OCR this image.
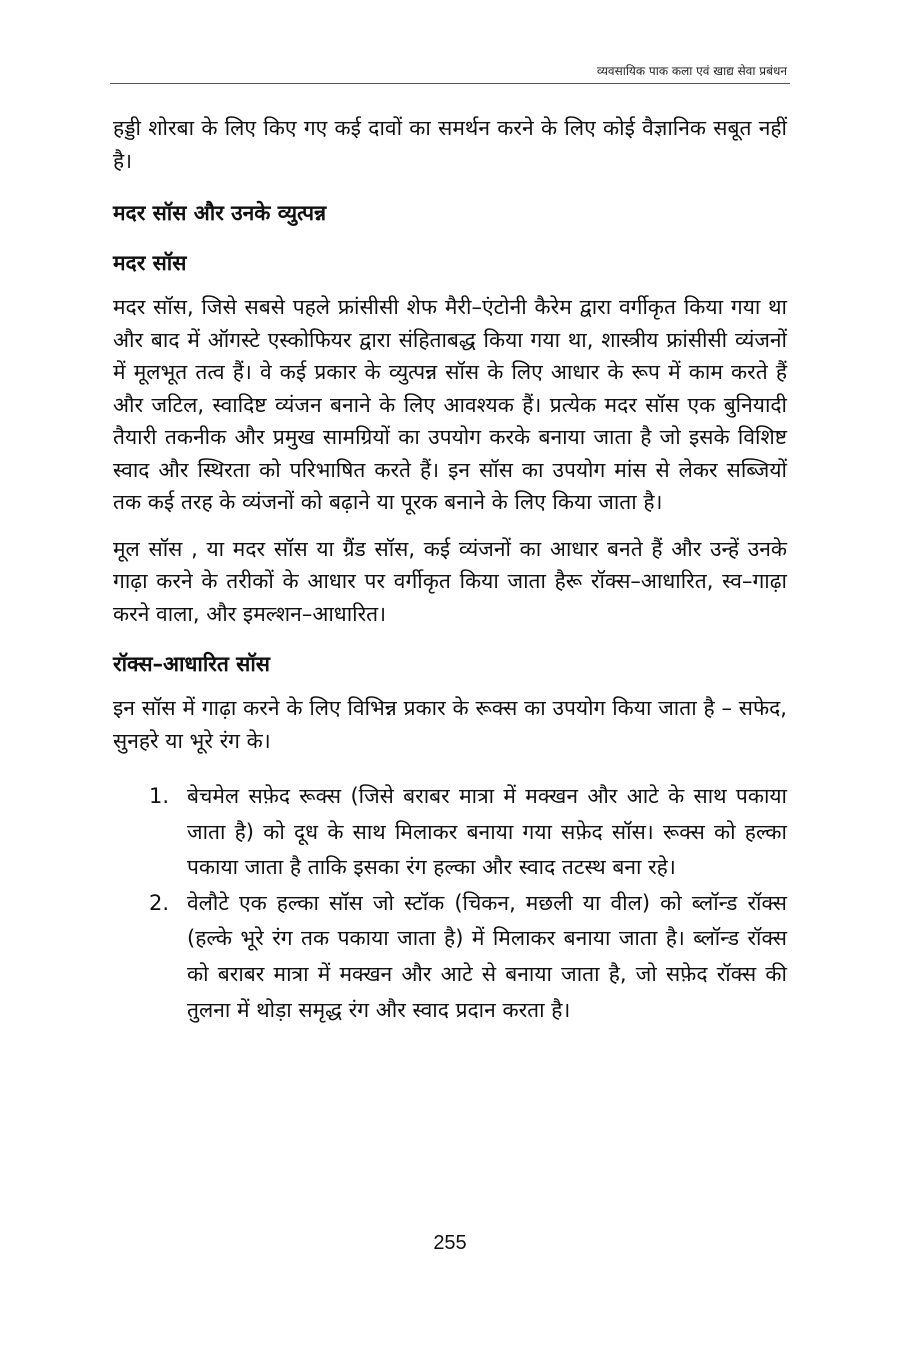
व्यवसायिक पाक कला एवं खाद्य सेवा प्रबंधन

हड्डी शोरबा के लिए किए गए कई दावों का समर्थन करने के लिए कोई वैज्ञानिक सबूत नहीं है।

मदर सॉस और उनके व्युत्पन्न
मदर सॉस

मदर सॉस, जिसे सबसे पहले फ्रांसीसी शेफ मैरी–एंटोनी कैरेम द्वारा वर्गीकृत किया गया था और बाद में ऑगस्टे एस्कोफियर द्वारा संहिताबद्ध किया गया था, शास्त्रीय फ्रांसीसी व्यंजनों में मूलभूत तत्व हैं। वे कई प्रकार के व्युत्पन्न सॉस के लिए आधार के रूप में काम करते हैं और जटिल, स्वादिष्ट व्यंजन बनाने के लिए आवश्यक हैं। प्रत्येक मदर सॉस एक बुनियादी तैयारी तकनीक और प्रमुख सामग्रियों का उपयोग करके बनाया जाता है जो इसके विशिष्ट स्वाद और स्थिरता को परिभाषित करते हैं। इन सॉस का उपयोग मांस से लेकर सब्जियों तक कई तरह के व्यंजनों को बढ़ाने या पूरक बनाने के लिए किया जाता है।

मूल सॉस , या मदर सॉस या ग्रैंड सॉस, कई व्यंजनों का आधार बनते हैं और उन्हें उनके गाढ़ा करने के तरीकों के आधार पर वर्गीकृत किया जाता हैरू रॉक्स–आधारित, स्व–गाढ़ा करने वाला, और इमल्शन–आधारित।

रॉक्स–आधारित सॉस

इन सॉस में गाढ़ा करने के लिए विभिन्न प्रकार के रूक्स का उपयोग किया जाता है – सफेद, सुनहरे या भूरे रंग के।

1. बेचमेल सफ़ेद रूक्स (जिसे बराबर मात्रा में मक्खन और आटे के साथ पकाया जाता है) को दूध के साथ मिलाकर बनाया गया सफ़ेद सॉस। रूक्स को हल्का पकाया जाता है ताकि इसका रंग हल्का और स्वाद तटस्थ बना रहे।
2. वेलौटे एक हल्का सॉस जो स्टॉक (चिकन, मछली या वील) को ब्लॉन्ड रॉक्स (हल्के भूरे रंग तक पकाया जाता है) में मिलाकर बनाया जाता है। ब्लॉन्ड रॉक्स को बराबर मात्रा में मक्खन और आटे से बनाया जाता है, जो सफ़ेद रॉक्स की तुलना में थोड़ा समृद्ध रंग और स्वाद प्रदान करता है।
255
